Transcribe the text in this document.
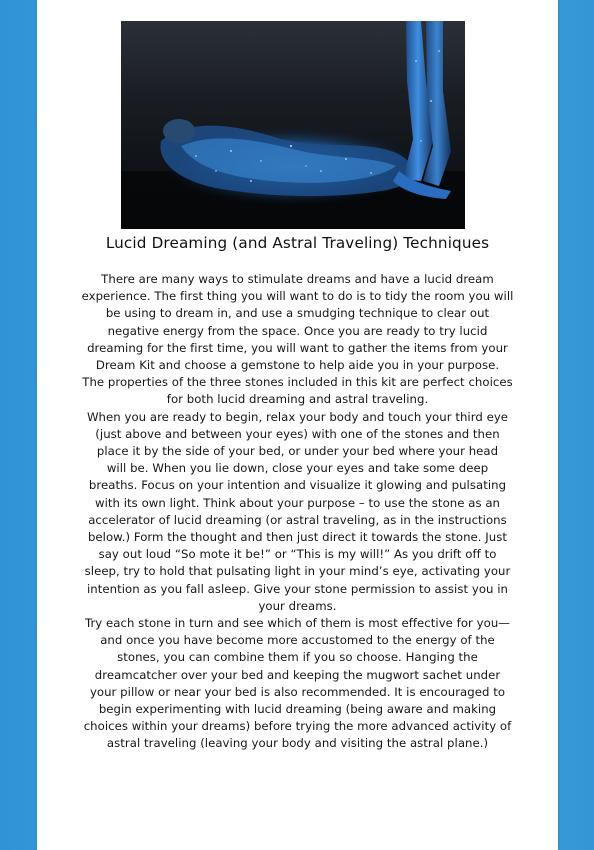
Lucid Dreaming (and Astral Traveling) Techniques
There are many ways to stimulate dreams and have a lucid dream
experience. The first thing you will want to do is to tidy the room you will
be using to dream in, and use a smudging technique to clear out
negative energy from the space. Once you are ready to try lucid
dreaming for the first time, you will want to gather the items from your
Dream Kit and choose a gemstone to help aide you in your purpose.
The properties of the three stones included in this kit are perfect choices
for both lucid dreaming and astral traveling.
When you are ready to begin, relax your body and touch your third eye
(just above and between your eyes) with one of the stones and then
place it by the side of your bed, or under your bed where your head
will be. When you lie down, close your eyes and take some deep
breaths. Focus on your intention and visualize it glowing and pulsating
with its own light. Think about your purpose – to use the stone as an
accelerator of lucid dreaming (or astral traveling, as in the instructions
below.) Form the thought and then just direct it towards the stone. Just
say out loud “So mote it be!” or “This is my will!” As you drift off to
sleep, try to hold that pulsating light in your mind’s eye, activating your
intention as you fall asleep. Give your stone permission to assist you in
your dreams.
Try each stone in turn and see which of them is most effective for you—
and once you have become more accustomed to the energy of the
stones, you can combine them if you so choose. Hanging the
dreamcatcher over your bed and keeping the mugwort sachet under
your pillow or near your bed is also recommended. It is encouraged to
begin experimenting with lucid dreaming (being aware and making
choices within your dreams) before trying the more advanced activity of
astral traveling (leaving your body and visiting the astral plane.)
